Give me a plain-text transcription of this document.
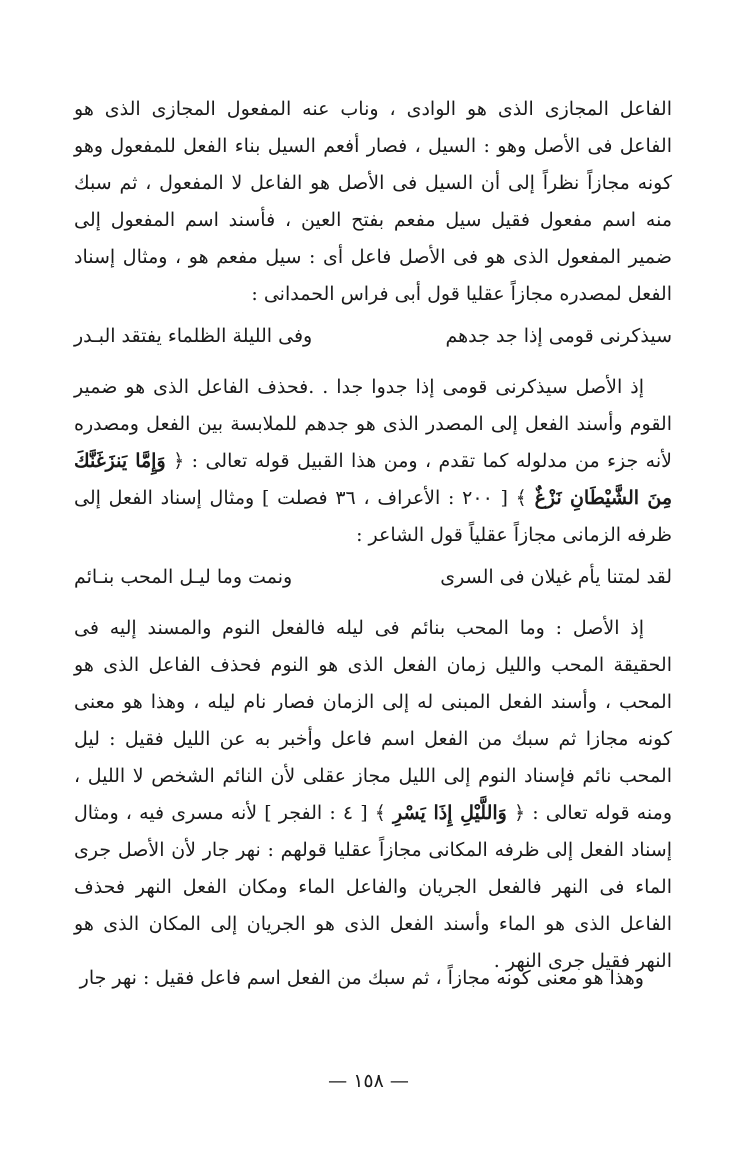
الفاعل المجازى الذى هو الوادى ، وناب عنه المفعول المجازى الذى هو الفاعل فى الأصل وهو : السيل ، فصار أفعم السيل بناء الفعل للمفعول وهو كونه مجازاً نظراً إلى أن السيل فى الأصل هو الفاعل لا المفعول ، ثم سبك منه اسم مفعول فقيل سيل مفعم بفتح العين ، فأسند اسم المفعول إلى ضمير المفعول الذى هو فى الأصل فاعل أى : سيل مفعم هو ، ومثال إسناد الفعل لمصدره مجازاً عقليا قول أبى فراس الحمدانى :

سيذكرنى قومى إذا جد جدهم
وفى الليلة الظلماء يفتقد البـدر

إذ الأصل سيذكرنى قومى إذا جدوا جدا . .فحذف الفاعل الذى هو ضمير القوم وأسند الفعل إلى المصدر الذى هو جدهم للملابسة بين الفعل ومصدره لأنه جزء من مدلوله كما تقدم ، ومن هذا القبيل قوله تعالى : ﴿ وَإِمَّا يَنزَغَنَّكَ مِنَ الشَّيْطَانِ نَزْغٌ ﴾ [ ٢٠٠ : الأعراف ، ٣٦ فصلت ] ومثال إسناد الفعل إلى ظرفه الزمانى مجازاً عقلياً قول الشاعر :

لقد لمتنا يأم غيلان فى السرى
ونمت وما ليـل المحب بنـائم

إذ الأصل : وما المحب بنائم فى ليله فالفعل النوم والمسند إليه فى الحقيقة المحب والليل زمان الفعل الذى هو النوم فحذف الفاعل الذى هو المحب ، وأسند الفعل المبنى له إلى الزمان فصار نام ليله ، وهذا هو معنى كونه مجازا ثم سبك من الفعل اسم فاعل وأخبر به عن الليل فقيل : ليل المحب نائم فإسناد النوم إلى الليل مجاز عقلى لأن النائم الشخص لا الليل ، ومنه قوله تعالى : ﴿ وَاللَّيْلِ إِذَا يَسْرِ ﴾ [ ٤ : الفجر ] لأنه مسرى فيه ، ومثال إسناد الفعل إلى ظرفه المكانى مجازاً عقليا قولهم : نهر جار لأن الأصل جرى الماء فى النهر فالفعل الجريان والفاعل الماء ومكان الفعل النهر فحذف الفاعل الذى هو الماء وأسند الفعل الذى هو الجريان إلى المكان الذى هو النهر فقيل جرى النهر .

وهذا هو معنى كونه مجازاً ، ثم سبك من الفعل اسم فاعل فقيل : نهر جار

— ١٥٨ —
